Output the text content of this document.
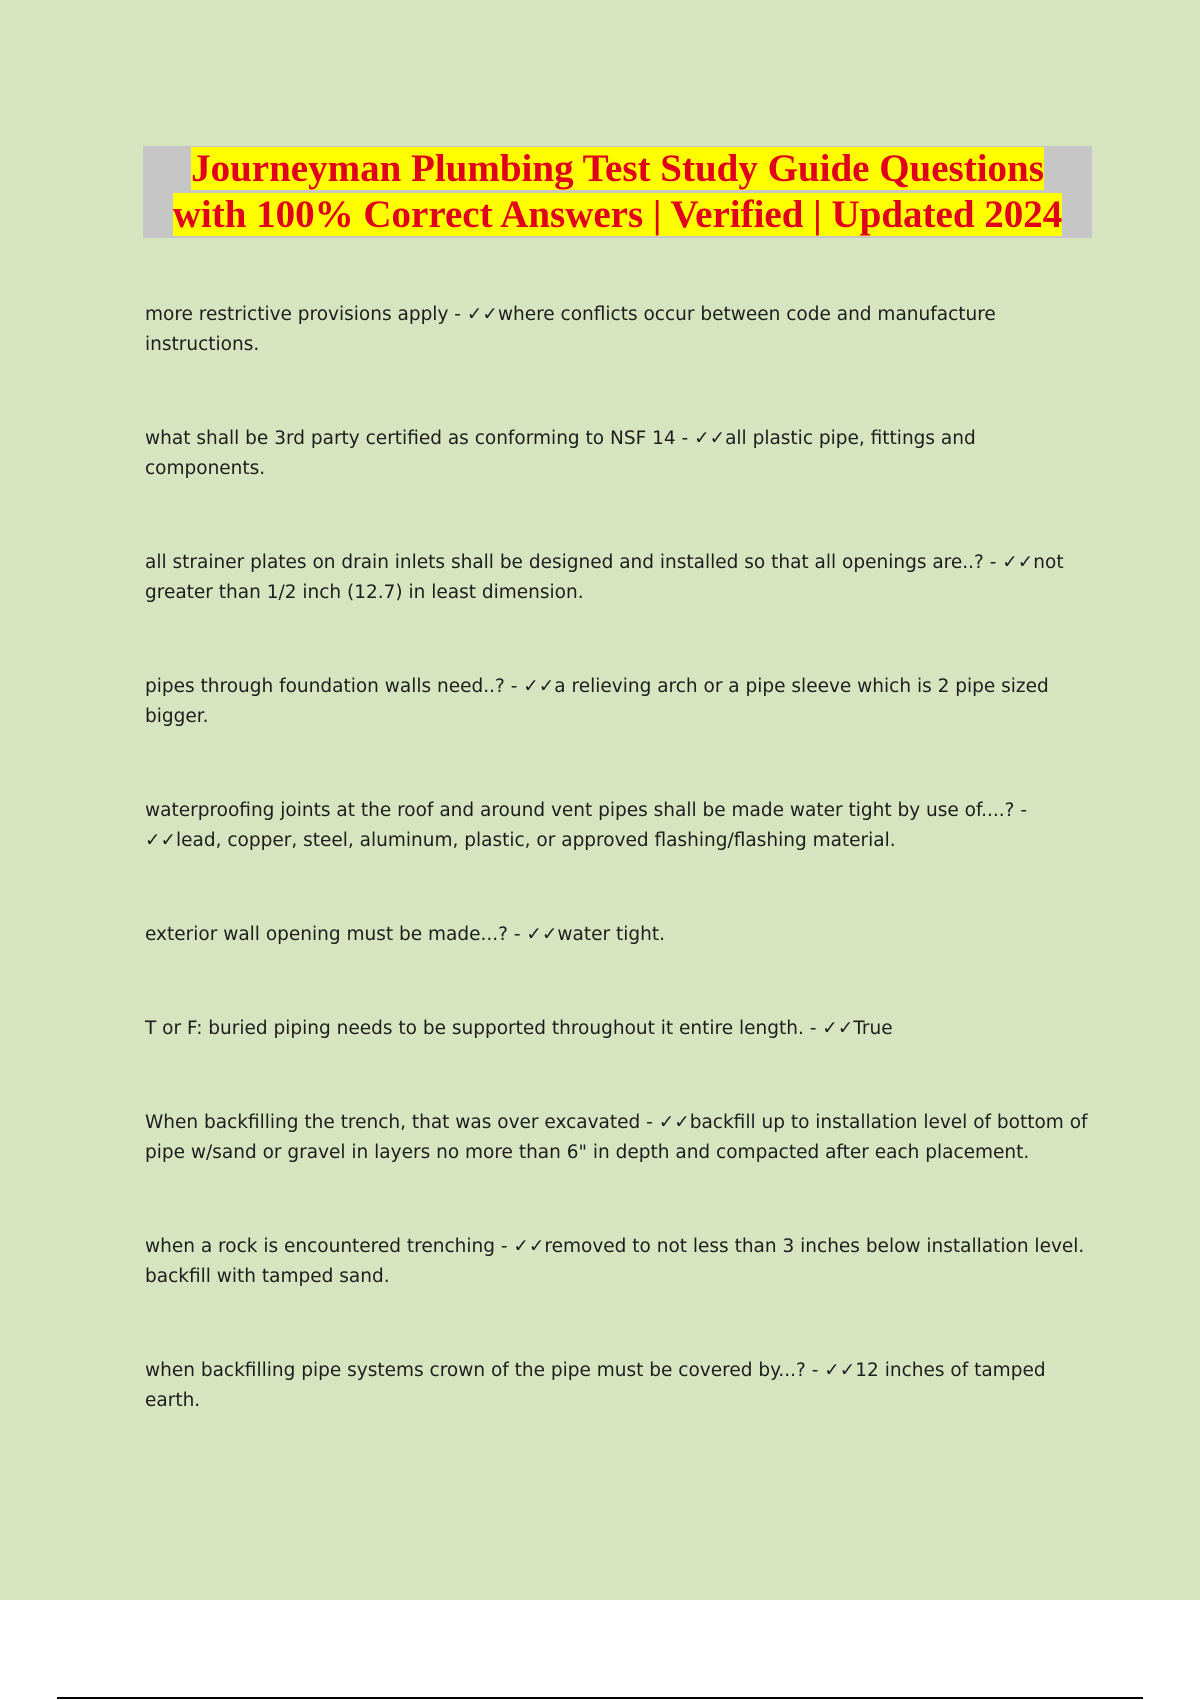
Journeyman Plumbing Test Study Guide Questions
with 100% Correct Answers | Verified | Updated 2024

more restrictive provisions apply - ✓✓where conflicts occur between code and manufacture instructions.

what shall be 3rd party certified as conforming to NSF 14 - ✓✓all plastic pipe, fittings and components.

all strainer plates on drain inlets shall be designed and installed so that all openings are..? - ✓✓not greater than 1/2 inch (12.7) in least dimension.

pipes through foundation walls need..? - ✓✓a relieving arch or a pipe sleeve which is 2 pipe sized bigger.

waterproofing joints at the roof and around vent pipes shall be made water tight by use of....? - ✓✓lead, copper, steel, aluminum, plastic, or approved flashing/flashing material.

exterior wall opening must be made...? - ✓✓water tight.

T or F: buried piping needs to be supported throughout it entire length. - ✓✓True

When backfilling the trench, that was over excavated - ✓✓backfill up to installation level of bottom of pipe w/sand or gravel in layers no more than 6" in depth and compacted after each placement.

when a rock is encountered trenching - ✓✓removed to not less than 3 inches below installation level. backfill with tamped sand.

when backfilling pipe systems crown of the pipe must be covered by...? - ✓✓12 inches of tamped earth.
